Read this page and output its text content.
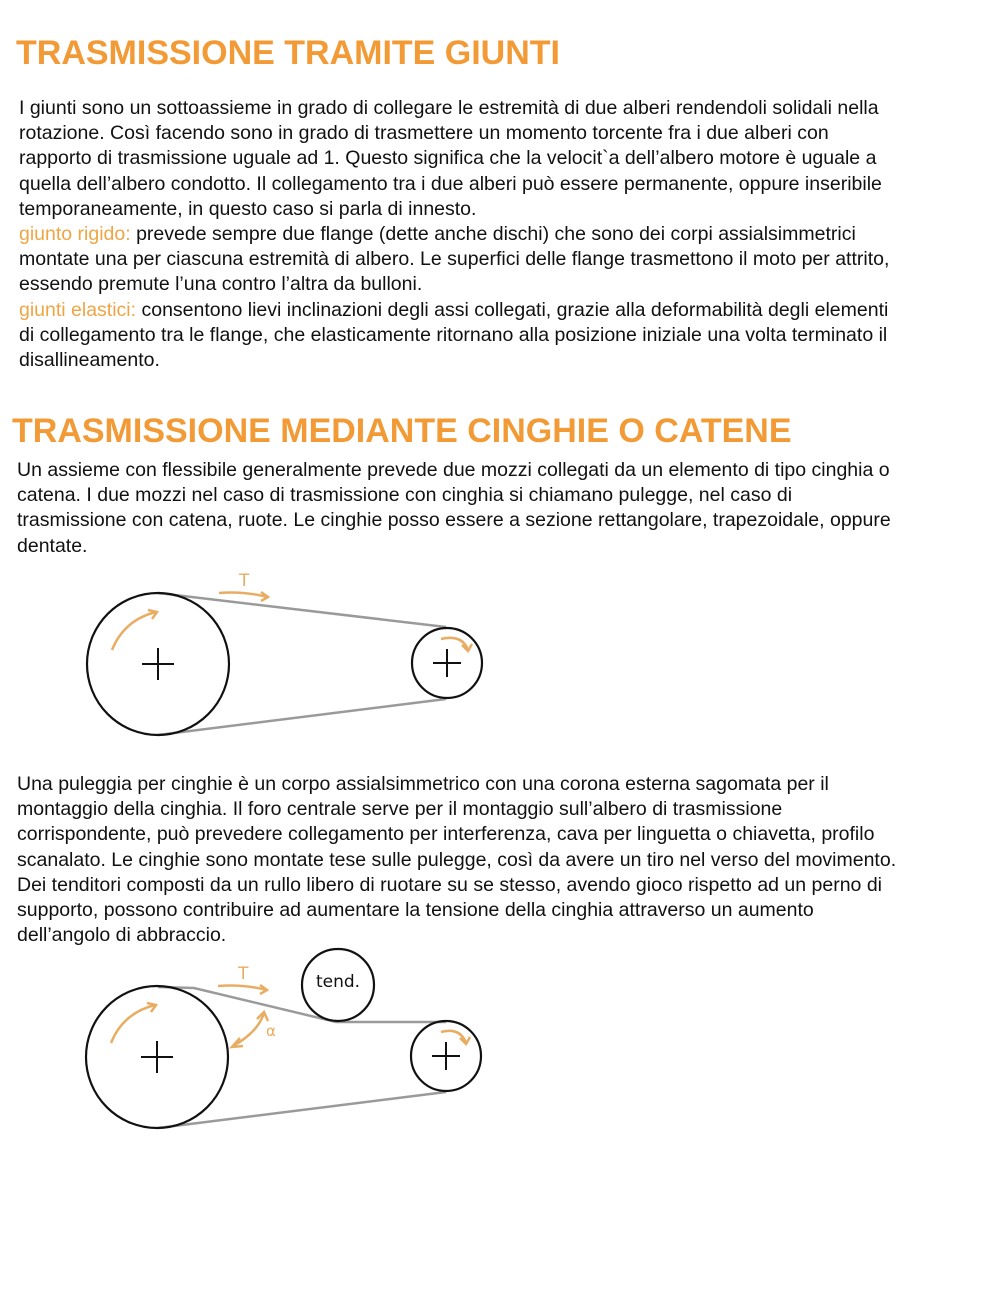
TRASMISSIONE TRAMITE GIUNTI
I giunti sono un sottoassieme in grado di collegare le estremità di due alberi rendendoli solidali nella
rotazione. Così facendo sono in grado di trasmettere un momento torcente fra i due alberi con
rapporto di trasmissione uguale ad 1. Questo significa che la velocit`a dell’albero motore è uguale a
quella dell’albero condotto. Il collegamento tra i due alberi può essere permanente, oppure inseribile
temporaneamente, in questo caso si parla di innesto.
giunto rigido: prevede sempre due flange (dette anche dischi) che sono dei corpi assialsimmetrici
montate una per ciascuna estremità di albero. Le superfici delle flange trasmettono il moto per attrito,
essendo premute l’una contro l’altra da bulloni.
giunti elastici: consentono lievi inclinazioni degli assi collegati, grazie alla deformabilità degli elementi
di collegamento tra le flange, che elasticamente ritornano alla posizione iniziale una volta terminato il
disallineamento.
TRASMISSIONE MEDIANTE CINGHIE O CATENE
Un assieme con flessibile generalmente prevede due mozzi collegati da un elemento di tipo cinghia o
catena. I due mozzi nel caso di trasmissione con cinghia si chiamano pulegge, nel caso di
trasmissione con catena, ruote. Le cinghie posso essere a sezione rettangolare, trapezoidale, oppure
dentate.
T
Una puleggia per cinghie è un corpo assialsimmetrico con una corona esterna sagomata per il
montaggio della cinghia. Il foro centrale serve per il montaggio sull’albero di trasmissione
corrispondente, può prevedere collegamento per interferenza, cava per linguetta o chiavetta, profilo
scanalato. Le cinghie sono montate tese sulle pulegge, così da avere un tiro nel verso del movimento.
Dei tenditori composti da un rullo libero di ruotare su se stesso, avendo gioco rispetto ad un perno di
supporto, possono contribuire ad aumentare la tensione della cinghia attraverso un aumento
dell’angolo di abbraccio.
tend.
T
α
